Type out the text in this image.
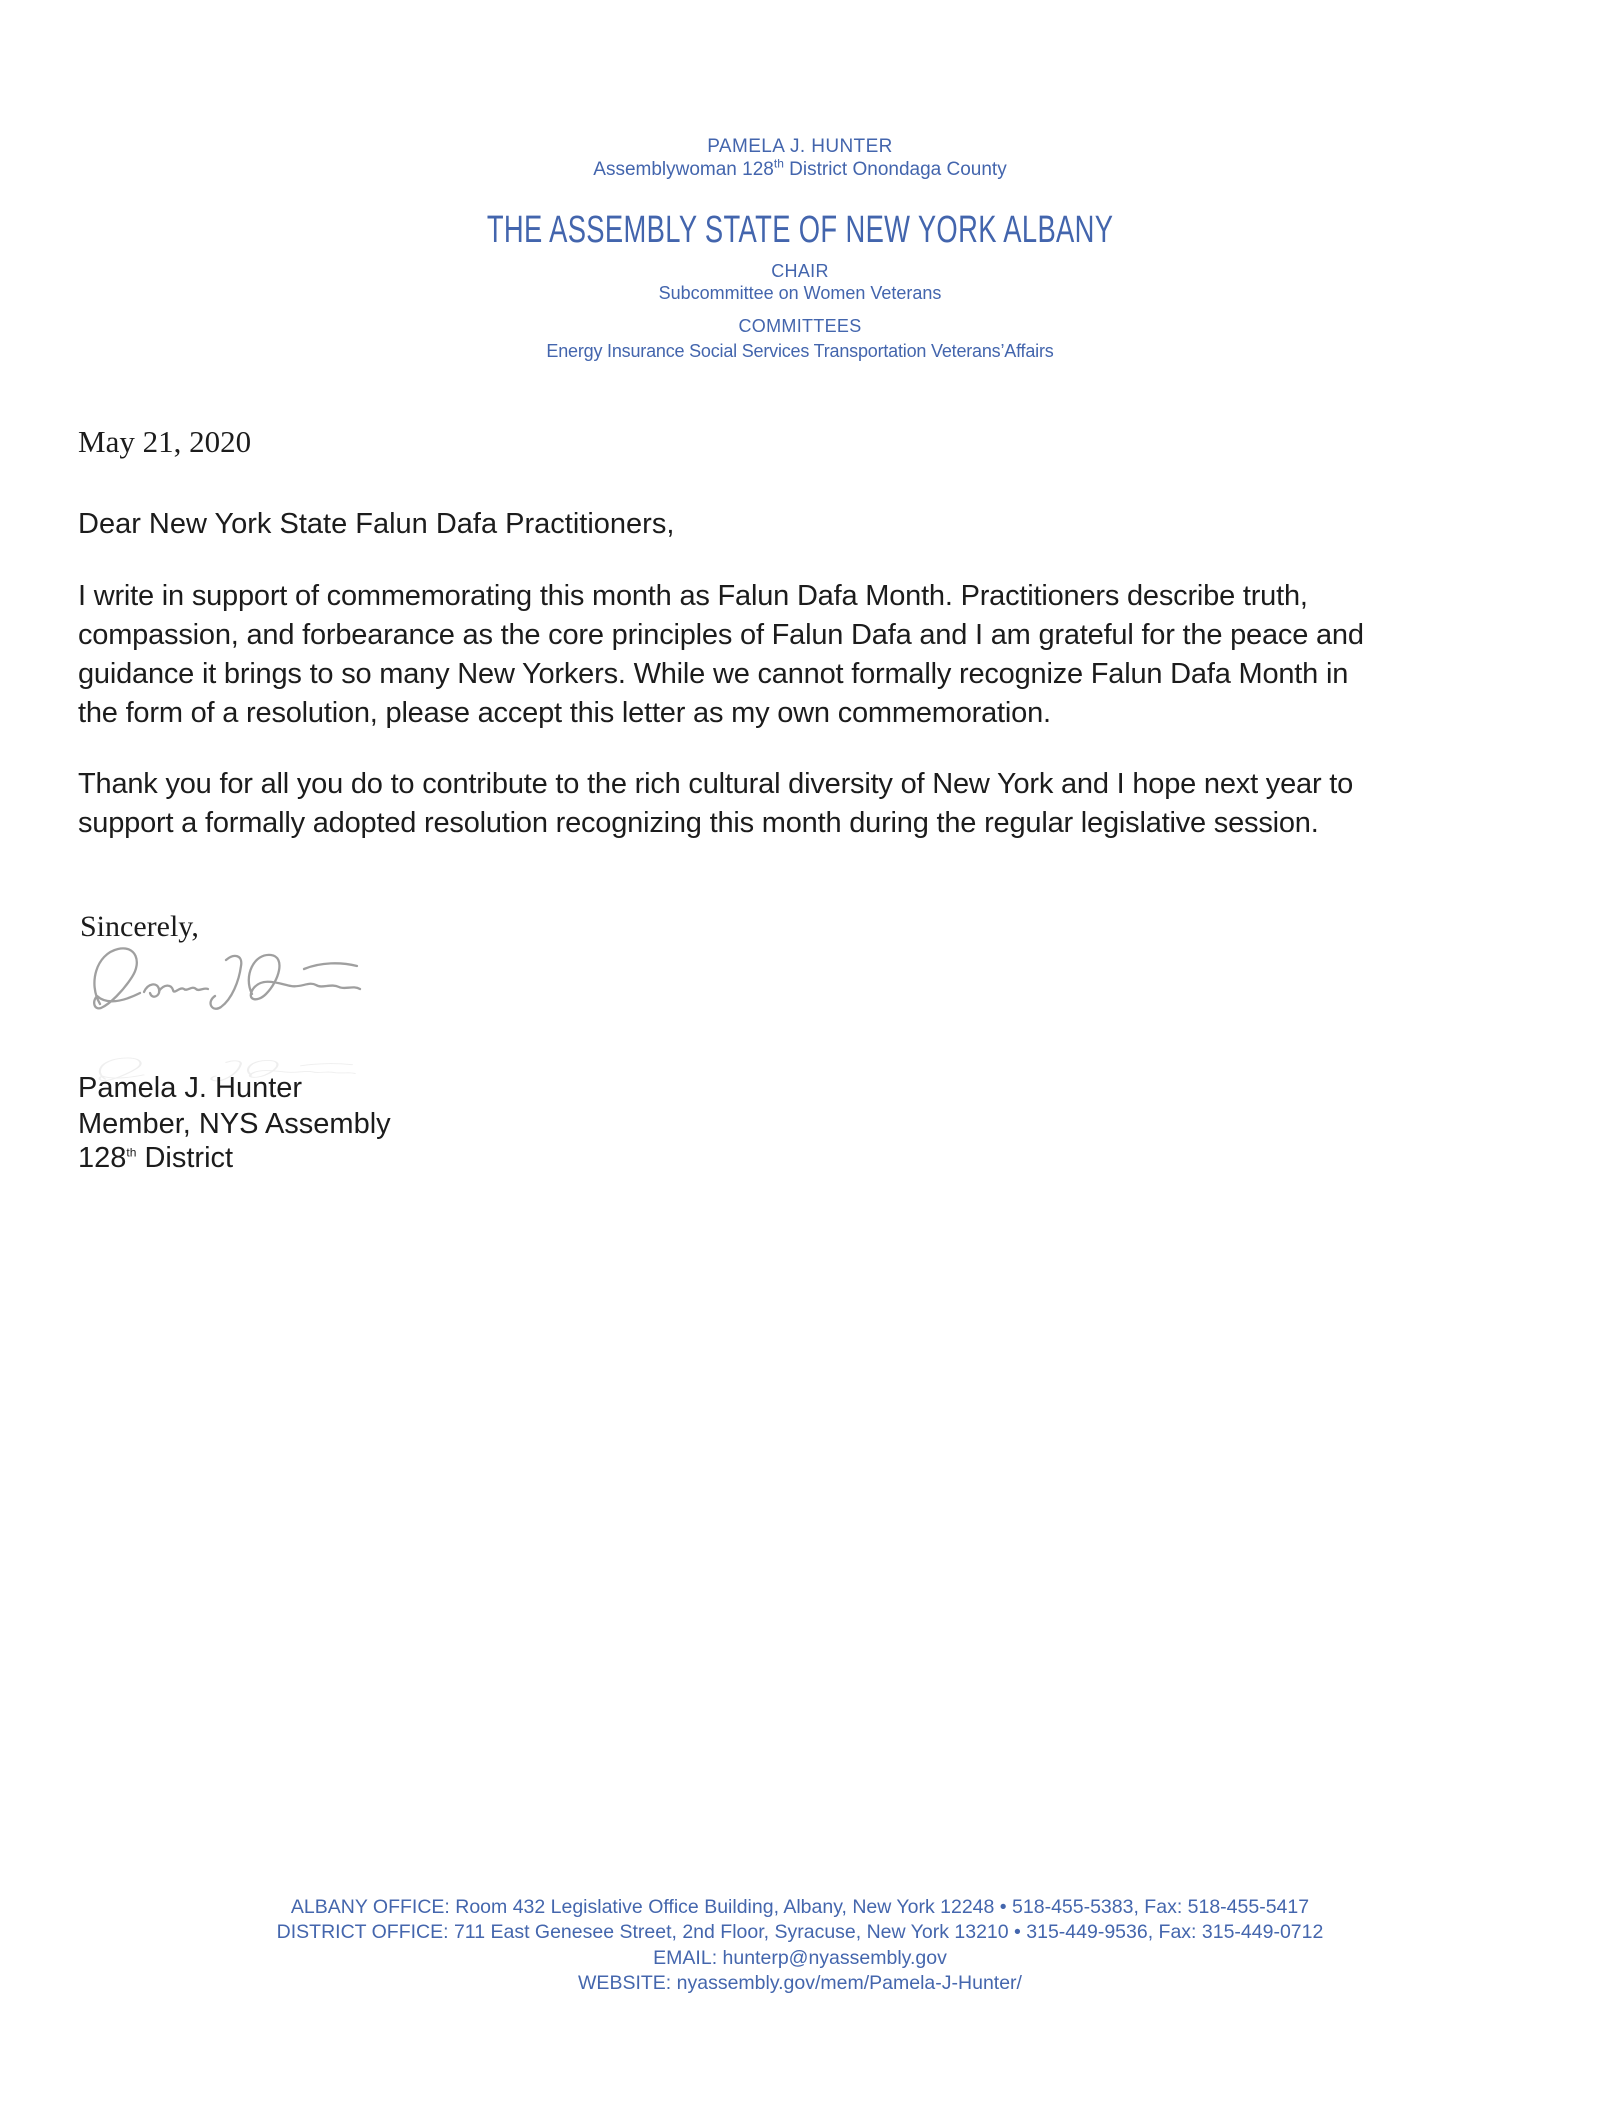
PAMELA J. HUNTER
Assemblywoman 128th District Onondaga County
THE ASSEMBLY STATE OF NEW YORK ALBANY
CHAIR
Subcommittee on Women Veterans
COMMITTEES
Energy Insurance Social Services Transportation Veterans’Affairs
May 21, 2020
Dear New York State Falun Dafa Practitioners,
I write in support of commemorating this month as Falun Dafa Month. Practitioners describe truth,
compassion, and forbearance as the core principles of Falun Dafa and I am grateful for the peace and
guidance it brings to so many New Yorkers. While we cannot formally recognize Falun Dafa Month in
the form of a resolution, please accept this letter as my own commemoration.
Thank you for all you do to contribute to the rich cultural diversity of New York and I hope next year to
support a formally adopted resolution recognizing this month during the regular legislative session.
Sincerely,
Pamela J. Hunter
Member, NYS Assembly
128th District
ALBANY OFFICE: Room 432 Legislative Office Building, Albany, New York 12248 • 518-455-5383, Fax: 518-455-5417
DISTRICT OFFICE: 711 East Genesee Street, 2nd Floor, Syracuse, New York 13210 • 315-449-9536, Fax: 315-449-0712
EMAIL: hunterp@nyassembly.gov
WEBSITE: nyassembly.gov/mem/Pamela-J-Hunter/
